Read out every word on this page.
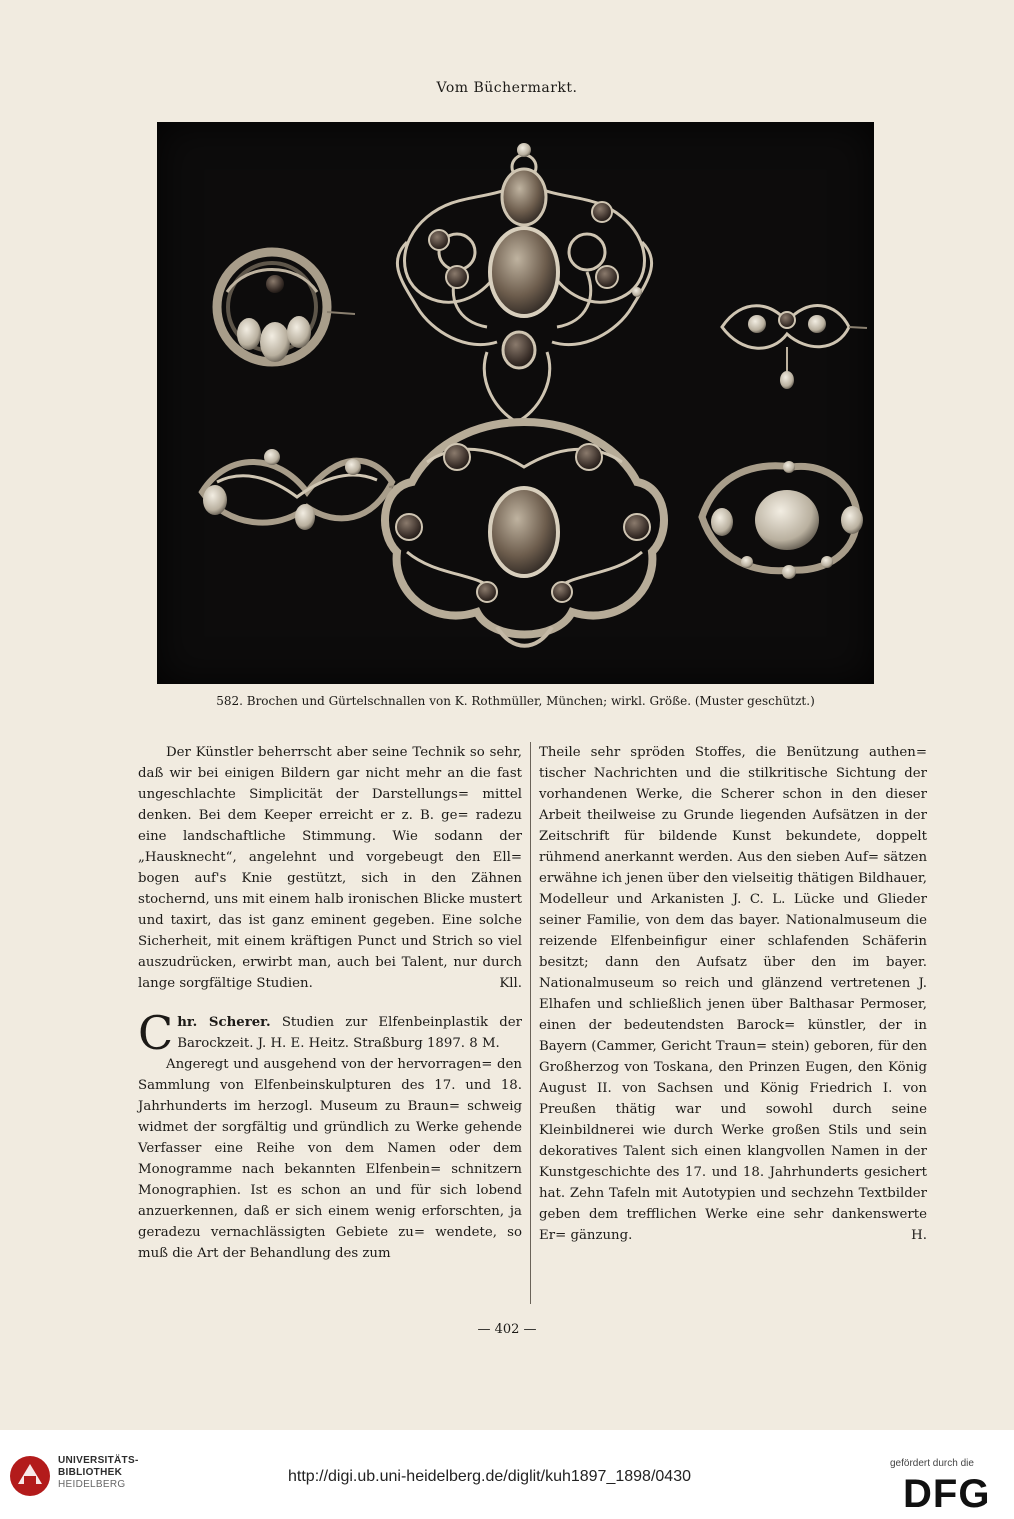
Vom Büchermarkt.
582. Brochen und Gürtelschnallen von K. Rothmüller, München; wirkl. Größe. (Muster geschützt.)

Der Künstler beherrscht aber seine Technik so sehr, daß wir bei einigen Bildern gar nicht mehr an die fast ungeschlachte Simplicität der Darstellungs= mittel denken. Bei dem Keeper erreicht er z. B. ge= radezu eine landschaftliche Stimmung. Wie sodann der „Hausknecht“, angelehnt und vorgebeugt den Ell= bogen auf's Knie gestützt, sich in den Zähnen stochernd, uns mit einem halb ironischen Blicke mustert und taxirt, das ist ganz eminent gegeben. Eine solche Sicherheit, mit einem kräftigen Punct und Strich so viel auszudrücken, erwirbt man, auch bei Talent, nur durch lange sorgfältige Studien.	Kll.

Chr. Scherer. Studien zur Elfenbeinplastik der Barockzeit. J. H. E. Heitz. Straßburg 1897. 8 M.

Angeregt und ausgehend von der hervorragen= den Sammlung von Elfenbeinskulpturen des 17. und 18. Jahrhunderts im herzogl. Museum zu Braun= schweig widmet der sorgfältig und gründlich zu Werke gehende Verfasser eine Reihe von dem Namen oder dem Monogramme nach bekannten Elfenbein= schnitzern Monographien. Ist es schon an und für sich lobend anzuerkennen, daß er sich einem wenig erforschten, ja geradezu vernachlässigten Gebiete zu= wendete, so muß die Art der Behandlung des zum

Theile sehr spröden Stoffes, die Benützung authen= tischer Nachrichten und die stilkritische Sichtung der vorhandenen Werke, die Scherer schon in den dieser Arbeit theilweise zu Grunde liegenden Aufsätzen in der Zeitschrift für bildende Kunst bekundete, doppelt rühmend anerkannt werden. Aus den sieben Auf= sätzen erwähne ich jenen über den vielseitig thätigen Bildhauer, Modelleur und Arkanisten J. C. L. Lücke und Glieder seiner Familie, von dem das bayer. Nationalmuseum die reizende Elfenbeinfigur einer schlafenden Schäferin besitzt; dann den Aufsatz über den im bayer. Nationalmuseum so reich und glänzend vertretenen J. Elhafen und schließlich jenen über Balthasar Permoser, einen der bedeutendsten Barock= künstler, der in Bayern (Cammer, Gericht Traun= stein) geboren, für den Großherzog von Toskana, den Prinzen Eugen, den König August II. von Sachsen und König Friedrich I. von Preußen thätig war und sowohl durch seine Kleinbildnerei wie durch Werke großen Stils und sein dekoratives Talent sich einen klangvollen Namen in der Kunstgeschichte des 17. und 18. Jahrhunderts gesichert hat. Zehn Tafeln mit Autotypien und sechzehn Textbilder geben dem trefflichen Werke eine sehr dankenswerte Er= gänzung.	H.

— 402 —
UNIVERSITÄTS-
BIBLIOTHEK
HEIDELBERG	http://digi.ub.uni-heidelberg.de/diglit/kuh1897_1898/0430
gefördert durch die
DFG
